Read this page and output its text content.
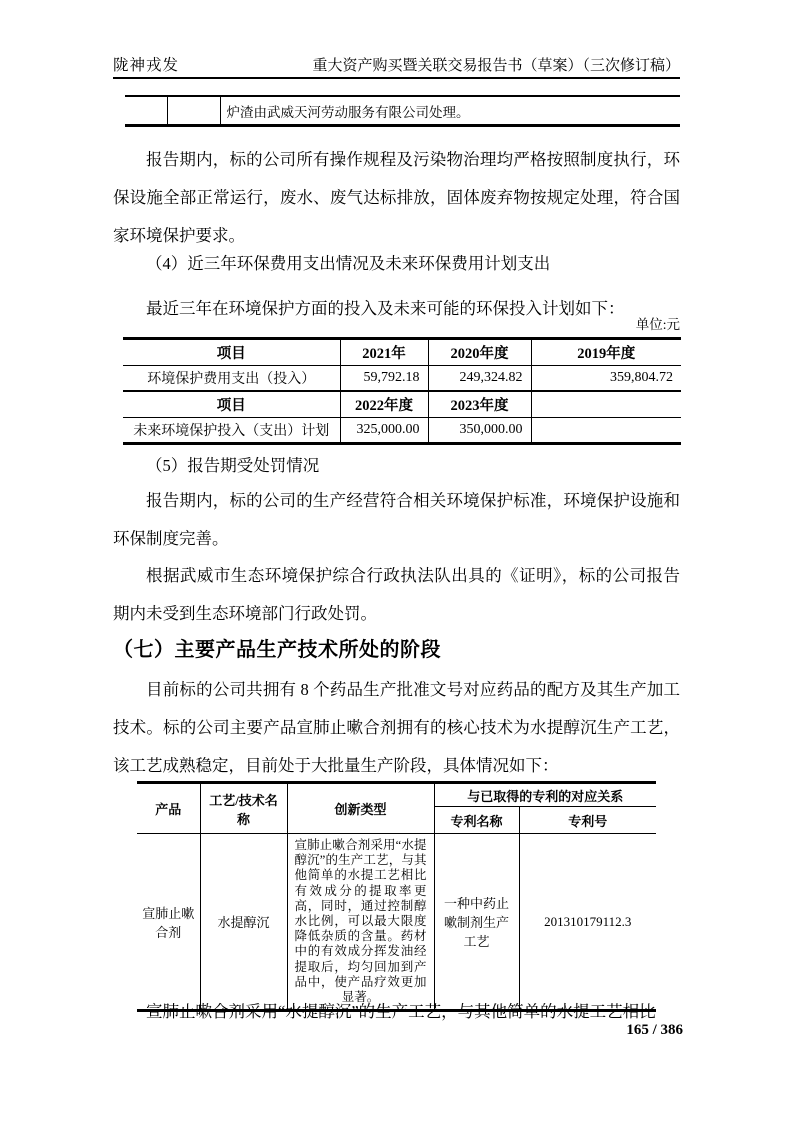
陇神戎发	重大资产购买暨关联交易报告书（草案）（三次修订稿）
		炉渣由武威天河劳动服务有限公司处理。
报告期内，标的公司所有操作规程及污染物治理均严格按照制度执行，环保设施全部正常运行，废水、废气达标排放，固体废弃物按规定处理，符合国家环境保护要求。
（4）近三年环保费用支出情况及未来环保费用计划支出
最近三年在环境保护方面的投入及未来可能的环保投入计划如下：
单位:元
项目	2021年	2020年度	2019年度
环境保护费用支出（投入）	59,792.18	249,324.82	359,804.72
项目	2022年度	2023年度	
未来环境保护投入（支出）计划	325,000.00	350,000.00	
（5）报告期受处罚情况
报告期内，标的公司的生产经营符合相关环境保护标准，环境保护设施和环保制度完善。
根据武威市生态环境保护综合行政执法队出具的《证明》，标的公司报告期内未受到生态环境部门行政处罚。
（七）主要产品生产技术所处的阶段
目前标的公司共拥有 8 个药品生产批准文号对应药品的配方及其生产加工技术。标的公司主要产品宣肺止嗽合剂拥有的核心技术为水提醇沉生产工艺，该工艺成熟稳定，目前处于大批量生产阶段，具体情况如下：
产品	工艺/技术名称	创新类型	与已取得的专利的对应关系	
			专利名称	专利号
宣肺止嗽合剂	水提醇沉	宣肺止嗽合剂采用“水提醇沉”的生产工艺，与其他简单的水提工艺相比有效成分的提取率更高，同时，通过控制醇水比例，可以最大限度降低杂质的含量。药材中的有效成分挥发油经提取后，均匀回加到产品中，使产品疗效更加显著。	一种中药止嗽制剂生产工艺	201310179112.3
宣肺止嗽合剂采用“水提醇沉”的生产工艺，与其他简单的水提工艺相比
165 / 386
